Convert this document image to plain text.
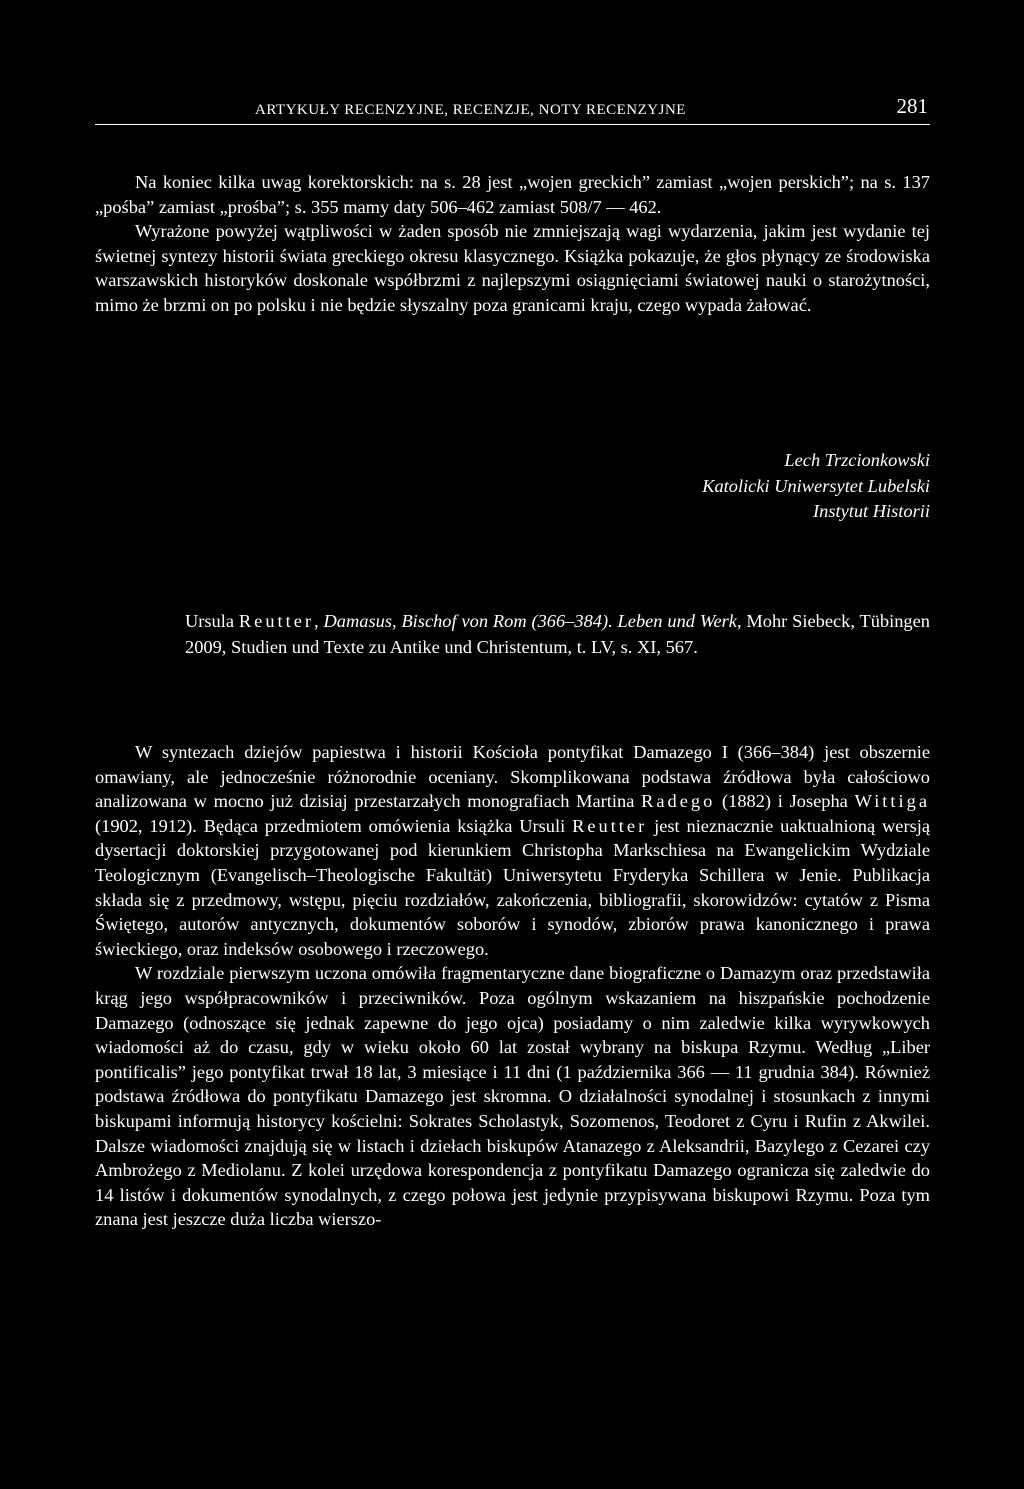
ARTYKUŁY RECENZYJNE, RECENZJE, NOTY RECENZYJNE	281

Na koniec kilka uwag korektorskich: na s. 28 jest „wojen greckich” zamiast „wojen perskich”; na s. 137 „pośba” zamiast „prośba”; s. 355 mamy daty 506–462 zamiast 508/7 — 462.

Wyrażone powyżej wątpliwości w żaden sposób nie zmniejszają wagi wydarzenia, jakim jest wydanie tej świetnej syntezy historii świata greckiego okresu klasycznego. Książka pokazuje, że głos płynący ze środowiska warszawskich historyków doskonale współbrzmi z najlepszymi osiągnięciami światowej nauki o starożytności, mimo że brzmi on po polsku i nie będzie słyszalny poza granicami kraju, czego wypada żałować.

Lech Trzcionkowski
Katolicki Uniwersytet Lubelski
Instytut Historii

Ursula Reutter, Damasus, Bischof von Rom (366–384). Leben und Werk, Mohr Siebeck, Tübingen 2009, Studien und Texte zu Antike und Christentum, t. LV, s. XI, 567.

W syntezach dziejów papiestwa i historii Kościoła pontyfikat Damazego I (366–384) jest obszernie omawiany, ale jednocześnie różnorodnie oceniany. Skomplikowana podstawa źródłowa była całościowo analizowana w mocno już dzisiaj przestarzałych monografiach Martina Radego (1882) i Josepha Wittiga (1902, 1912). Będąca przedmiotem omówienia książka Ursuli Reutter jest nieznacznie uaktualnioną wersją dysertacji doktorskiej przygotowanej pod kierunkiem Christopha Markschiesa na Ewangelickim Wydziale Teologicznym (Evangelisch–Theologische Fakultät) Uniwersytetu Fryderyka Schillera w Jenie. Publikacja składa się z przedmowy, wstępu, pięciu rozdziałów, zakończenia, bibliografii, skorowidzów: cytatów z Pisma Świętego, autorów antycznych, dokumentów soborów i synodów, zbiorów prawa kanonicznego i prawa świeckiego, oraz indeksów osobowego i rzeczowego.

W rozdziale pierwszym uczona omówiła fragmentaryczne dane biograficzne o Damazym oraz przedstawiła krąg jego współpracowników i przeciwników. Poza ogólnym wskazaniem na hiszpańskie pochodzenie Damazego (odnoszące się jednak zapewne do jego ojca) posiadamy o nim zaledwie kilka wyrywkowych wiadomości aż do czasu, gdy w wieku około 60 lat został wybrany na biskupa Rzymu. Według „Liber pontificalis” jego pontyfikat trwał 18 lat, 3 miesiące i 11 dni (1 października 366 — 11 grudnia 384). Również podstawa źródłowa do pontyfikatu Damazego jest skromna. O działalności synodalnej i stosunkach z innymi biskupami informują historycy kościelni: Sokrates Scholastyk, Sozomenos, Teodoret z Cyru i Rufin z Akwilei. Dalsze wiadomości znajdują się w listach i dziełach biskupów Atanazego z Aleksandrii, Bazylego z Cezarei czy Ambrożego z Mediolanu. Z kolei urzędowa korespondencja z pontyfikatu Damazego ogranicza się zaledwie do 14 listów i dokumentów synodalnych, z czego połowa jest jedynie przypisywana biskupowi Rzymu. Poza tym znana jest jeszcze duża liczba wierszo-
